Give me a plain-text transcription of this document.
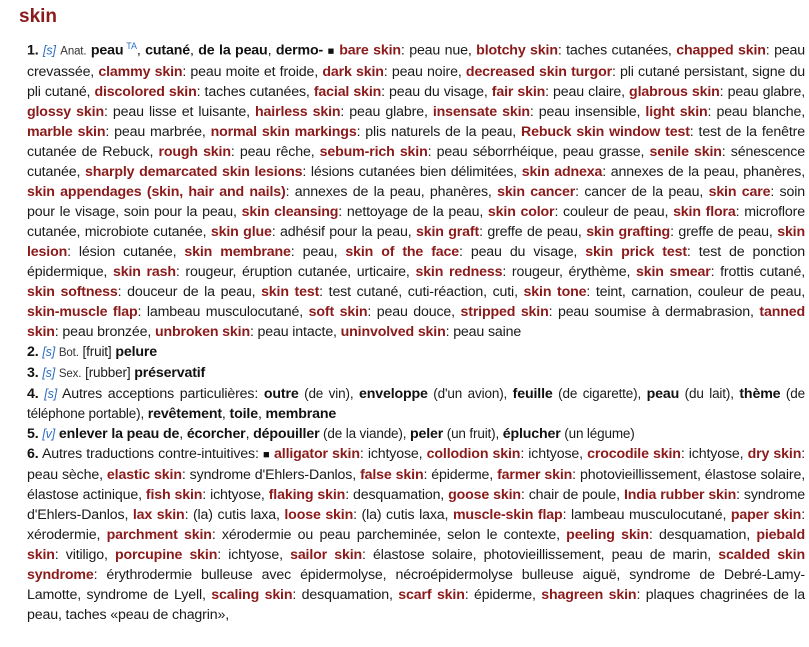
skin

1. [s] Anat. peau $^{TA}$, cutané, de la peau, dermo- ■ bare skin: peau nue, blotchy skin: taches cutanées, chapped skin: peau crevassée, clammy skin: peau moite et froide, dark skin: peau noire, decreased skin turgor: pli cutané persistant, signe du pli cutané, discolored skin: taches cutanées, facial skin: peau du visage, fair skin: peau claire, glabrous skin: peau glabre, glossy skin: peau lisse et luisante, hairless skin: peau glabre, insensate skin: peau insensible, light skin: peau blanche, marble skin: peau marbrée, normal skin markings: plis naturels de la peau, Rebuck skin window test: test de la fenêtre cutanée de Rebuck, rough skin: peau rêche, sebum-rich skin: peau séborrhéique, peau grasse, senile skin: sénescence cutanée, sharply demarcated skin lesions: lésions cutanées bien délimitées, skin adnexa: annexes de la peau, phanères, skin appendages (skin, hair and nails): annexes de la peau, phanères, skin cancer: cancer de la peau, skin care: soin pour le visage, soin pour la peau, skin cleansing: nettoyage de la peau, skin color: couleur de peau, skin flora: microflore cutanée, microbiote cutanée, skin glue: adhésif pour la peau, skin graft: greffe de peau, skin grafting: greffe de peau, skin lesion: lésion cutanée, skin membrane: peau, skin of the face: peau du visage, skin prick test: test de ponction épidermique, skin rash: rougeur, éruption cutanée, urticaire, skin redness: rougeur, érythème, skin smear: frottis cutané, skin softness: douceur de la peau, skin test: test cutané, cuti-réaction, cuti, skin tone: teint, carnation, couleur de peau, skin-muscle flap: lambeau musculocutané, soft skin: peau douce, stripped skin: peau soumise à dermabrasion, tanned skin: peau bronzée, unbroken skin: peau intacte, uninvolved skin: peau saine

2. [s] Bot. [fruit] pelure

3. [s] Sex. [rubber] préservatif

4. [s] Autres acceptions particulières: outre (de vin), enveloppe (d'un avion), feuille (de cigarette), peau (du lait), thème (de téléphone portable), revêtement, toile, membrane

5. [v] enlever la peau de, écorcher, dépouiller (de la viande), peler (un fruit), éplucher (un légume)

6. Autres traductions contre-intuitives: ■ alligator skin: ichtyose, collodion skin: ichtyose, crocodile skin: ichtyose, dry skin: peau sèche, elastic skin: syndrome d'Ehlers-Danlos, false skin: épiderme, farmer skin: photovieillissement, élastose solaire, élastose actinique, fish skin: ichtyose, flaking skin: desquamation, goose skin: chair de poule, India rubber skin: syndrome d'Ehlers-Danlos, lax skin: (la) cutis laxa, loose skin: (la) cutis laxa, muscle-skin flap: lambeau musculocutané, paper skin: xérodermie, parchment skin: xérodermie ou peau parcheminée, selon le contexte, peeling skin: desquamation, piebald skin: vitiligo, porcupine skin: ichtyose, sailor skin: élastose solaire, photovieillissement, peau de marin, scalded skin syndrome: érythrodermie bulleuse avec épidermolyse, nécroépidermolyse bulleuse aiguë, syndrome de Debré-Lamy-Lamotte, syndrome de Lyell, scaling skin: desquamation, scarf skin: épiderme, shagreen skin: plaques chagrinées de la peau, taches «peau de chagrin»,
